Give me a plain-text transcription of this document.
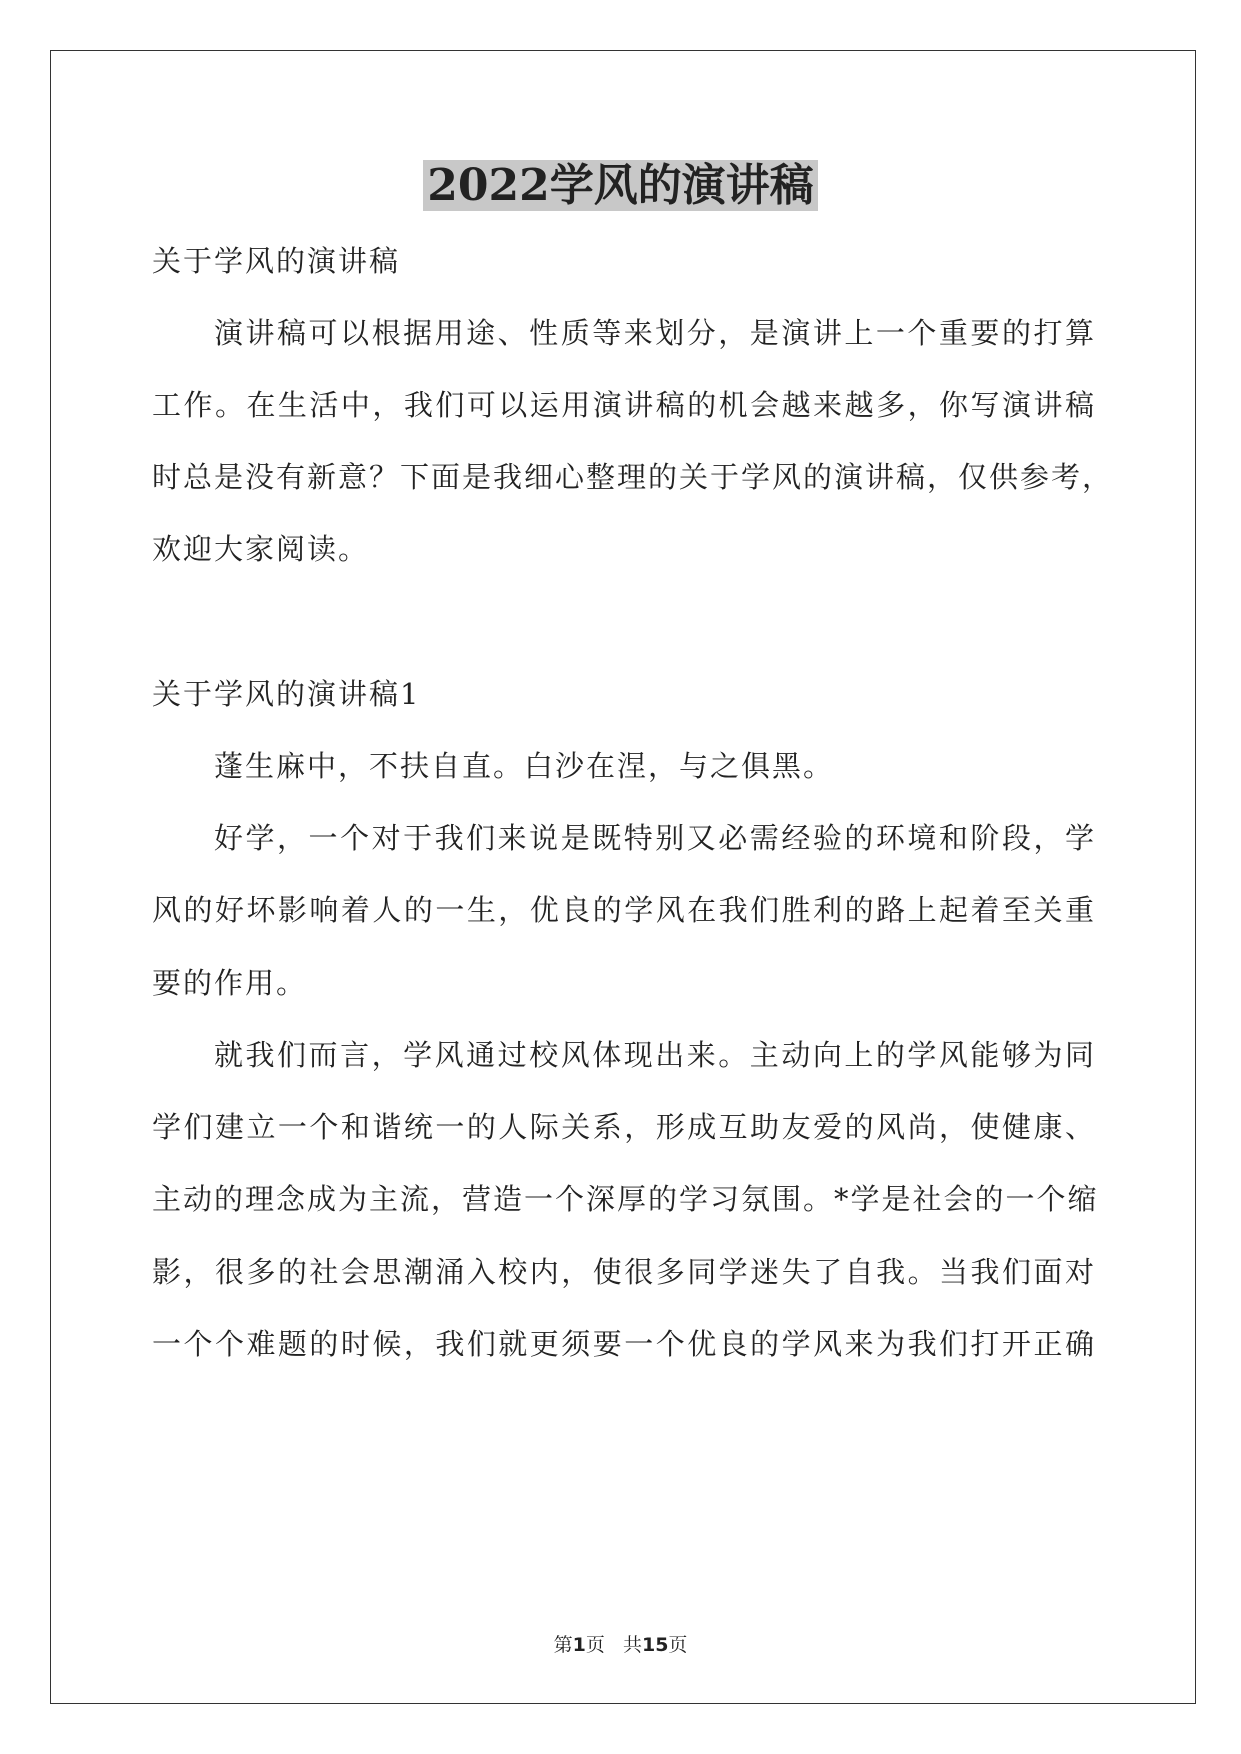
2022学风的演讲稿

关于学风的演讲稿

演讲稿可以根据用途、性质等来划分，是演讲上一个重要的打算

工作。在生活中，我们可以运用演讲稿的机会越来越多，你写演讲稿

时总是没有新意？下面是我细心整理的关于学风的演讲稿，仅供参考，

欢迎大家阅读。

关于学风的演讲稿1

蓬生麻中，不扶自直。白沙在涅，与之俱黑。

好学，一个对于我们来说是既特别又必需经验的环境和阶段，学

风的好坏影响着人的一生，优良的学风在我们胜利的路上起着至关重

要的作用。

就我们而言，学风通过校风体现出来。主动向上的学风能够为同

学们建立一个和谐统一的人际关系，形成互助友爱的风尚，使健康、

主动的理念成为主流，营造一个深厚的学习氛围。*学是社会的一个缩

影，很多的社会思潮涌入校内，使很多同学迷失了自我。当我们面对

一个个难题的时候，我们就更须要一个优良的学风来为我们打开正确

第1页 共15页
